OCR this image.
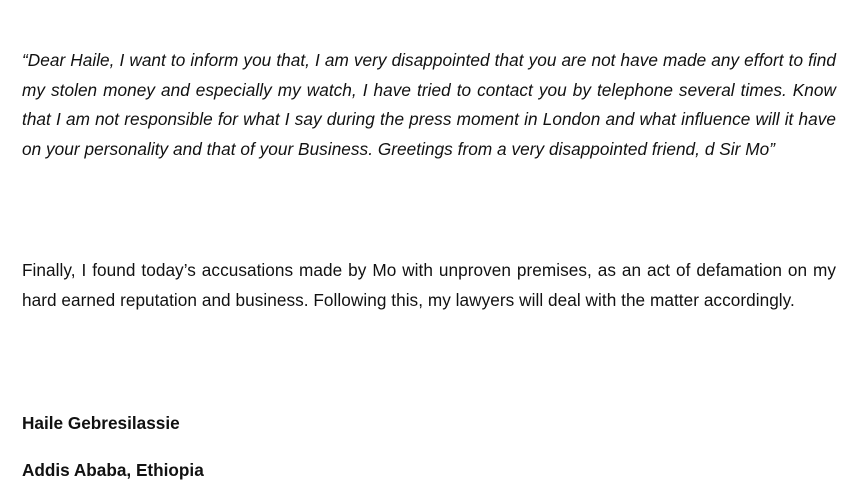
“Dear Haile, I want to inform you that, I am very disappointed that you are not have made any effort to find my stolen money and especially my watch, I have tried to contact you by telephone several times. Know that I am not responsible for what I say during the press moment in London and what influence will it have on your personality and that of your Business. Greetings from a very disappointed friend, d Sir Mo”

Finally, I found today’s accusations made by Mo with unproven premises, as an act of defamation on my hard earned reputation and business. Following this, my lawyers will deal with the matter accordingly.

Haile Gebresilassie

Addis Ababa, Ethiopia
